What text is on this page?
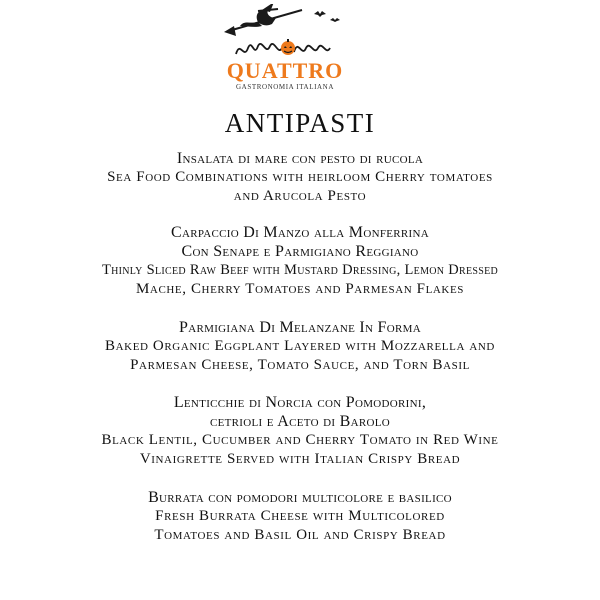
QUATTRO
GASTRONOMIA ITALIANA
ANTIPASTI
Insalata di mare con pesto di rucola
Sea Food Combinations with heirloom Cherry tomatoes
and Arucola Pesto
Carpaccio Di Manzo alla Monferrina
Con Senape e Parmigiano Reggiano
Thinly Sliced Raw Beef with Mustard Dressing, Lemon Dressed
Mache, Cherry Tomatoes and Parmesan Flakes
Parmigiana Di Melanzane In Forma
Baked Organic Eggplant Layered with Mozzarella and
Parmesan Cheese, Tomato Sauce, and Torn Basil
Lenticchie di Norcia con Pomodorini,
cetrioli e Aceto di Barolo
Black Lentil, Cucumber and Cherry Tomato in Red Wine
Vinaigrette Served with Italian Crispy Bread
Burrata con pomodori multicolore e basilico
Fresh Burrata Cheese with Multicolored
Tomatoes and Basil Oil and Crispy Bread
